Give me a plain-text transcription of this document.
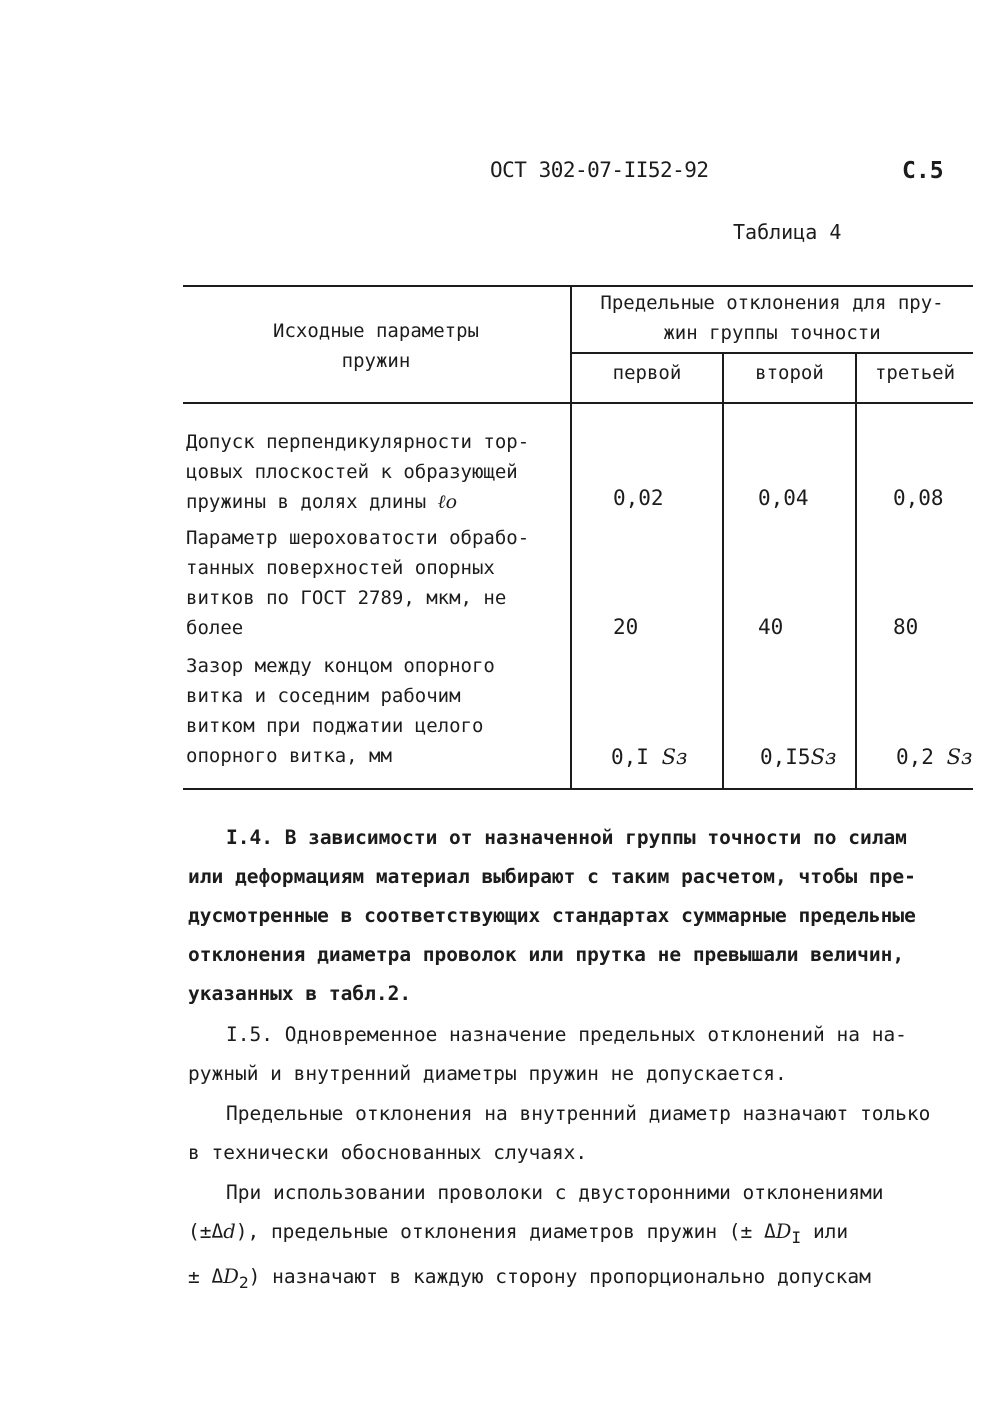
ОСТ 302-07-II52-92	С.5
Таблица 4
Исходные параметры
пружин
Предельные отклонения для пру-
жин группы точности
первой	второй	третьей
Допуск перпендикулярности тор-
цовых плоскостей к образующей
пружины в долях длины ℓо	0,02	0,04	0,08
Параметр шероховатости обрабо-
танных поверхностей опорных
витков по ГОСТ 2789, мкм, не
более	20	40	80
Зазор между концом опорного
витка и соседним рабочим
витком при поджатии целого
опорного витка, мм	0,I Sз	0,I5Sз	0,2 Sз

I.4. В зависимости от назначенной группы точности по силам

или деформациям материал выбирают с таким расчетом, чтобы пре-

дусмотренные в соответствующих стандартах суммарные предельные

отклонения диаметра проволок или прутка не превышали величин,

указанных в табл.2.

I.5. Одновременное назначение предельных отклонений на на-

ружный и внутренний диаметры пружин не допускается.

Предельные отклонения на внутренний диаметр назначают только

в технически обоснованных случаях.

При использовании проволоки с двусторонними отклонениями

(±Δd), предельные отклонения диаметров пружин (± $\Delta D_I$ или

± $\Delta D_2$) назначают в каждую сторону пропорционально допускам
